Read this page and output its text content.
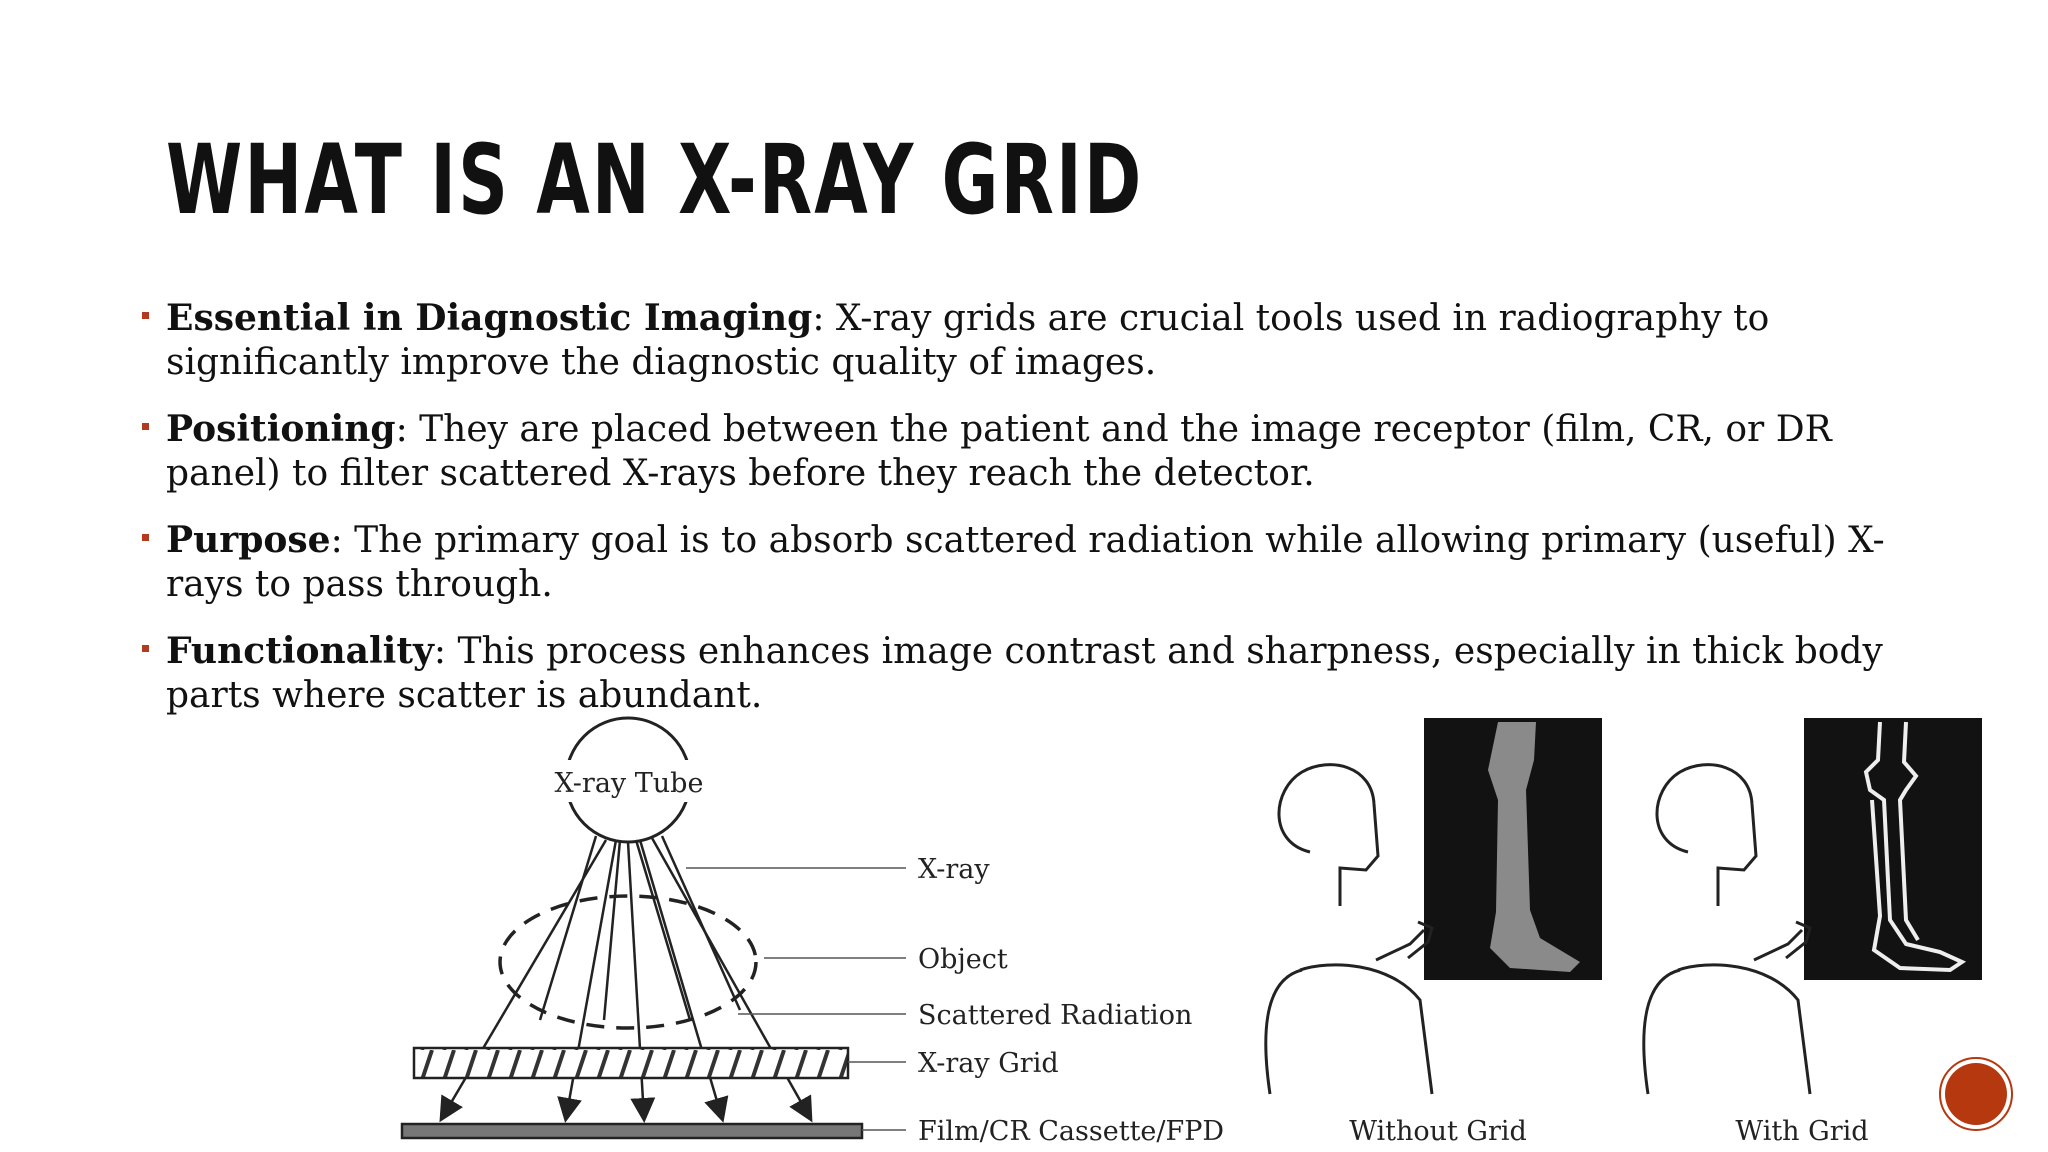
WHAT IS AN X-RAY GRID
Essential in Diagnostic Imaging: X-ray grids are crucial tools used in radiography to significantly improve the diagnostic quality of images.
Positioning: They are placed between the patient and the image receptor (film, CR, or DR panel) to filter scattered X-rays before they reach the detector.
Purpose: The primary goal is to absorb scattered radiation while allowing primary (useful) X-rays to pass through.
Functionality: This process enhances image contrast and sharpness, especially in thick body parts where scatter is abundant.
X-ray Tube
X-ray
Object
Scattered Radiation
X-ray Grid
Film/CR Cassette/FPD	Without Grid	With Grid
